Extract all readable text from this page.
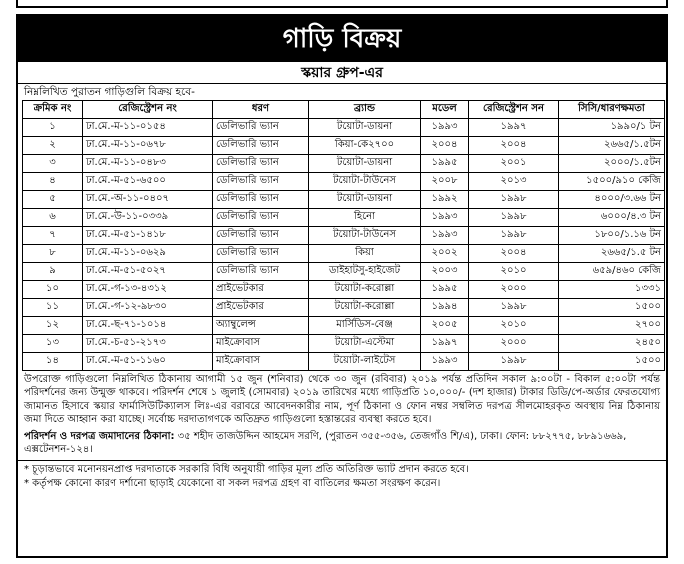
গাড়ি বিক্রয়
স্কয়ার গ্রুপ-এর
নিম্নলিখিত পুরাতন গাড়িগুলি বিক্রয় হবে-
ক্রমিক নং	রেজিস্ট্রেশন নং	ধরণ	ব্র্যান্ড	মডেল	রেজিস্ট্রেশন সন	সিসি/ধারণক্ষমতা
১	ঢা.মে.-ম-১১-০১৫৪	ডেলিভারি ভ্যান	টয়োটা-ডায়না	১৯৯৩	১৯৯৭	১৯৯০/১ টন
২	ঢা.মে.-ম-১১-০৬৭৮	ডেলিভারি ভ্যান	কিয়া-কে২৭০০	২০০৪	২০০৪	২৬৬৫/১.৫টন
৩	ঢা.মে.-ম-১১-০৪৮৩	ডেলিভারি ভ্যান	টয়োটা-ডায়না	১৯৯৫	২০০১	২০০০/১.৫টন
৪	ঢা.মে.-ম-৫১-৬৫০০	ডেলিভারি ভ্যান	টয়োটা-টাউনেস	২০০৮	২০১৩	১৫০০/৯১০ কেজি
৫	ঢা.মে.-অ-১১-০৪০৭	ডেলিভারি ভ্যান	টয়োটা-ডায়না	১৯৯২	১৯৯৮	৪০০০/৩.৬৬ টন
৬	ঢা.মে.-উ-১১-০৩৩৯	ডেলিভারি ভ্যান	হিনো	১৯৯৩	১৯৯৮	৬০০০/৪.৩ টন
৭	ঢা.মে.-ম-৫১-১৪১৮	ডেলিভারি ভ্যান	টয়োটা-টাউনেস	১৯৯৩	১৯৯৮	১৮০০/১.১৬ টন
৮	ঢা.মে.-ম-১১-০৬২৯	ডেলিভারি ভ্যান	কিয়া	২০০২	২০০৪	২৬৬৫/১.৫ টন
৯	ঢা.মে.-ম-৫১-৫০২৭	ডেলিভারি ভ্যান	ডাইহাটসু-হাইজেট	২০০৩	২০১০	৬৫৯/৪৬০ কেজি
১০	ঢা.মে.-গ-১৩-৪৩১২	প্রাইভেটকার	টয়োটা-করোল্লা	১৯৯৫	২০০০	১৩৩১
১১	ঢা.মে.-গ-১২-৯৮৩০	প্রাইভেটকার	টয়োটা-করোল্লা	১৯৯৪	১৯৯৮	১৫০০
১২	ঢা.মে.-ছ-৭১-১০১৪	অ্যাম্বুলেন্স	মার্সিডিস-বেঞ্জ	২০০৫	২০১০	২৭০০
১৩	ঢা.মে.-চ-৫১-২১৭৩	মাইক্রোবাস	টয়োটা-এস্টেমা	১৯৯৭	২০০০	২৪৫০
১৪	ঢা.মে.-ম-৫১-১১৬০	মাইক্রোবাস	টয়োটা-লাইটেস	১৯৯৩	১৯৯৮	১৫০০
উপরোক্ত গাড়িগুলো নিম্নলিখিত ঠিকানায় আগামী ১৫ জুন (শনিবার) থেকে ৩০ জুন (রবিবার) ২০১৯ পর্যন্ত প্রতিদিন সকাল ৯:০০টা - বিকাল ৫:০০টা পর্যন্ত পরিদর্শনের জন্য উন্মুক্ত থাকবে। পরিদর্শন শেষে ১ জুলাই (সোমবার) ২০১৯ তারিখের মধ্যে গাড়িপ্রতি ১০,০০০/- (দশ হাজার) টাকার ডিডি/পে-অর্ডার ফেরতযোগ্য জামানত হিসাবে স্কয়ার ফার্মাসিউটিক্যালস লিঃ-এর বরাবরে আবেদনকারীর নাম, পূর্ণ ঠিকানা ও ফোন নম্বর সম্বলিত দরপত্র সীলমোহরকৃত অবস্থায় নিম্ন ঠিকানায় জমা দিতে আহ্বান করা যাচ্ছে। সর্বোচ্চ দরদাতাগণকে অতিদ্রুত গাড়িগুলো হস্তান্তরের ব্যবস্থা করতে হবে।
পরিদর্শন ও দরপত্র জমাদানের ঠিকানা: ৩৫ শহীদ তাজউদ্দিন আহমেদ সরণি, (পুরাতন ৩৫৫-৩৫৬, তেজগাঁও শি/এ), ঢাকা। ফোন: ৮৮২৭৭৫, ৮৮৯১৬৬৯, এক্সটেনশন-১২৪।
* চূড়ান্তভাবে মনোনয়নপ্রাপ্ত দরদাতাকে সরকারি বিধি অনুযায়ী গাড়ির মূল্য প্রতি অতিরিক্ত ভ্যাট প্রদান করতে হবে।
* কর্তৃপক্ষ কোনো কারণ দর্শানো ছাড়াই যেকোনো বা সকল দরপত্র গ্রহণ বা বাতিলের ক্ষমতা সংরক্ষণ করেন।
